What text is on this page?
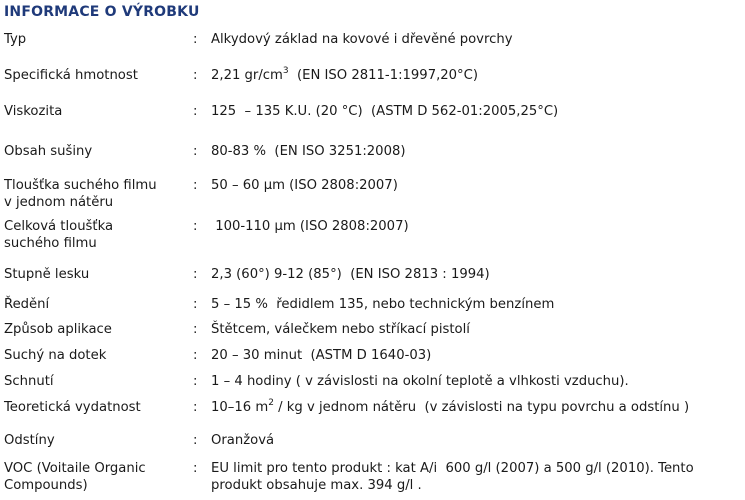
INFORMACE O VÝROBKU
Typ	: Alkydový základ na kovové i dřevěné povrchy
Specifická hmotnost	: 2,21 $gr/cm^3$  (EN ISO 2811-1:1997,20°C)
Viskozita	: 125  – 135 K.U. (20 °C)  (ASTM D 562-01:2005,25°C)
Obsah sušiny	: 80-83 %  (EN ISO 3251:2008)
Tloušťka suchého filmu
v jednom nátěru
: 50 – 60 µm (ISO 2808:2007)
Celková tloušťka
suchého filmu
: 100-110 µm (ISO 2808:2007)
Stupně lesku	: 2,3 (60°) 9-12 (85°)  (EN ISO 2813 : 1994)
Ředění	: 5 – 15 %  ředidlem 135, nebo technickým benzínem
Způsob aplikace	: Štětcem, válečkem nebo stříkací pistolí
Suchý na dotek	: 20 – 30 minut  (ASTM D 1640-03)
Schnutí	: 1 – 4 hodiny ( v závislosti na okolní teplotě a vlhkosti vzduchu).
Teoretická vydatnost	: 10–16 $m^2$ / kg v jednom nátěru  (v závislosti na typu povrchu a odstínu )
Odstíny	: Oranžová
VOC (Voitaile Organic
Compounds)
: EU limit pro tento produkt : kat A/i  600 g/l (2007) a 500 g/l (2010). Tento
produkt obsahuje max. 394 g/l .
